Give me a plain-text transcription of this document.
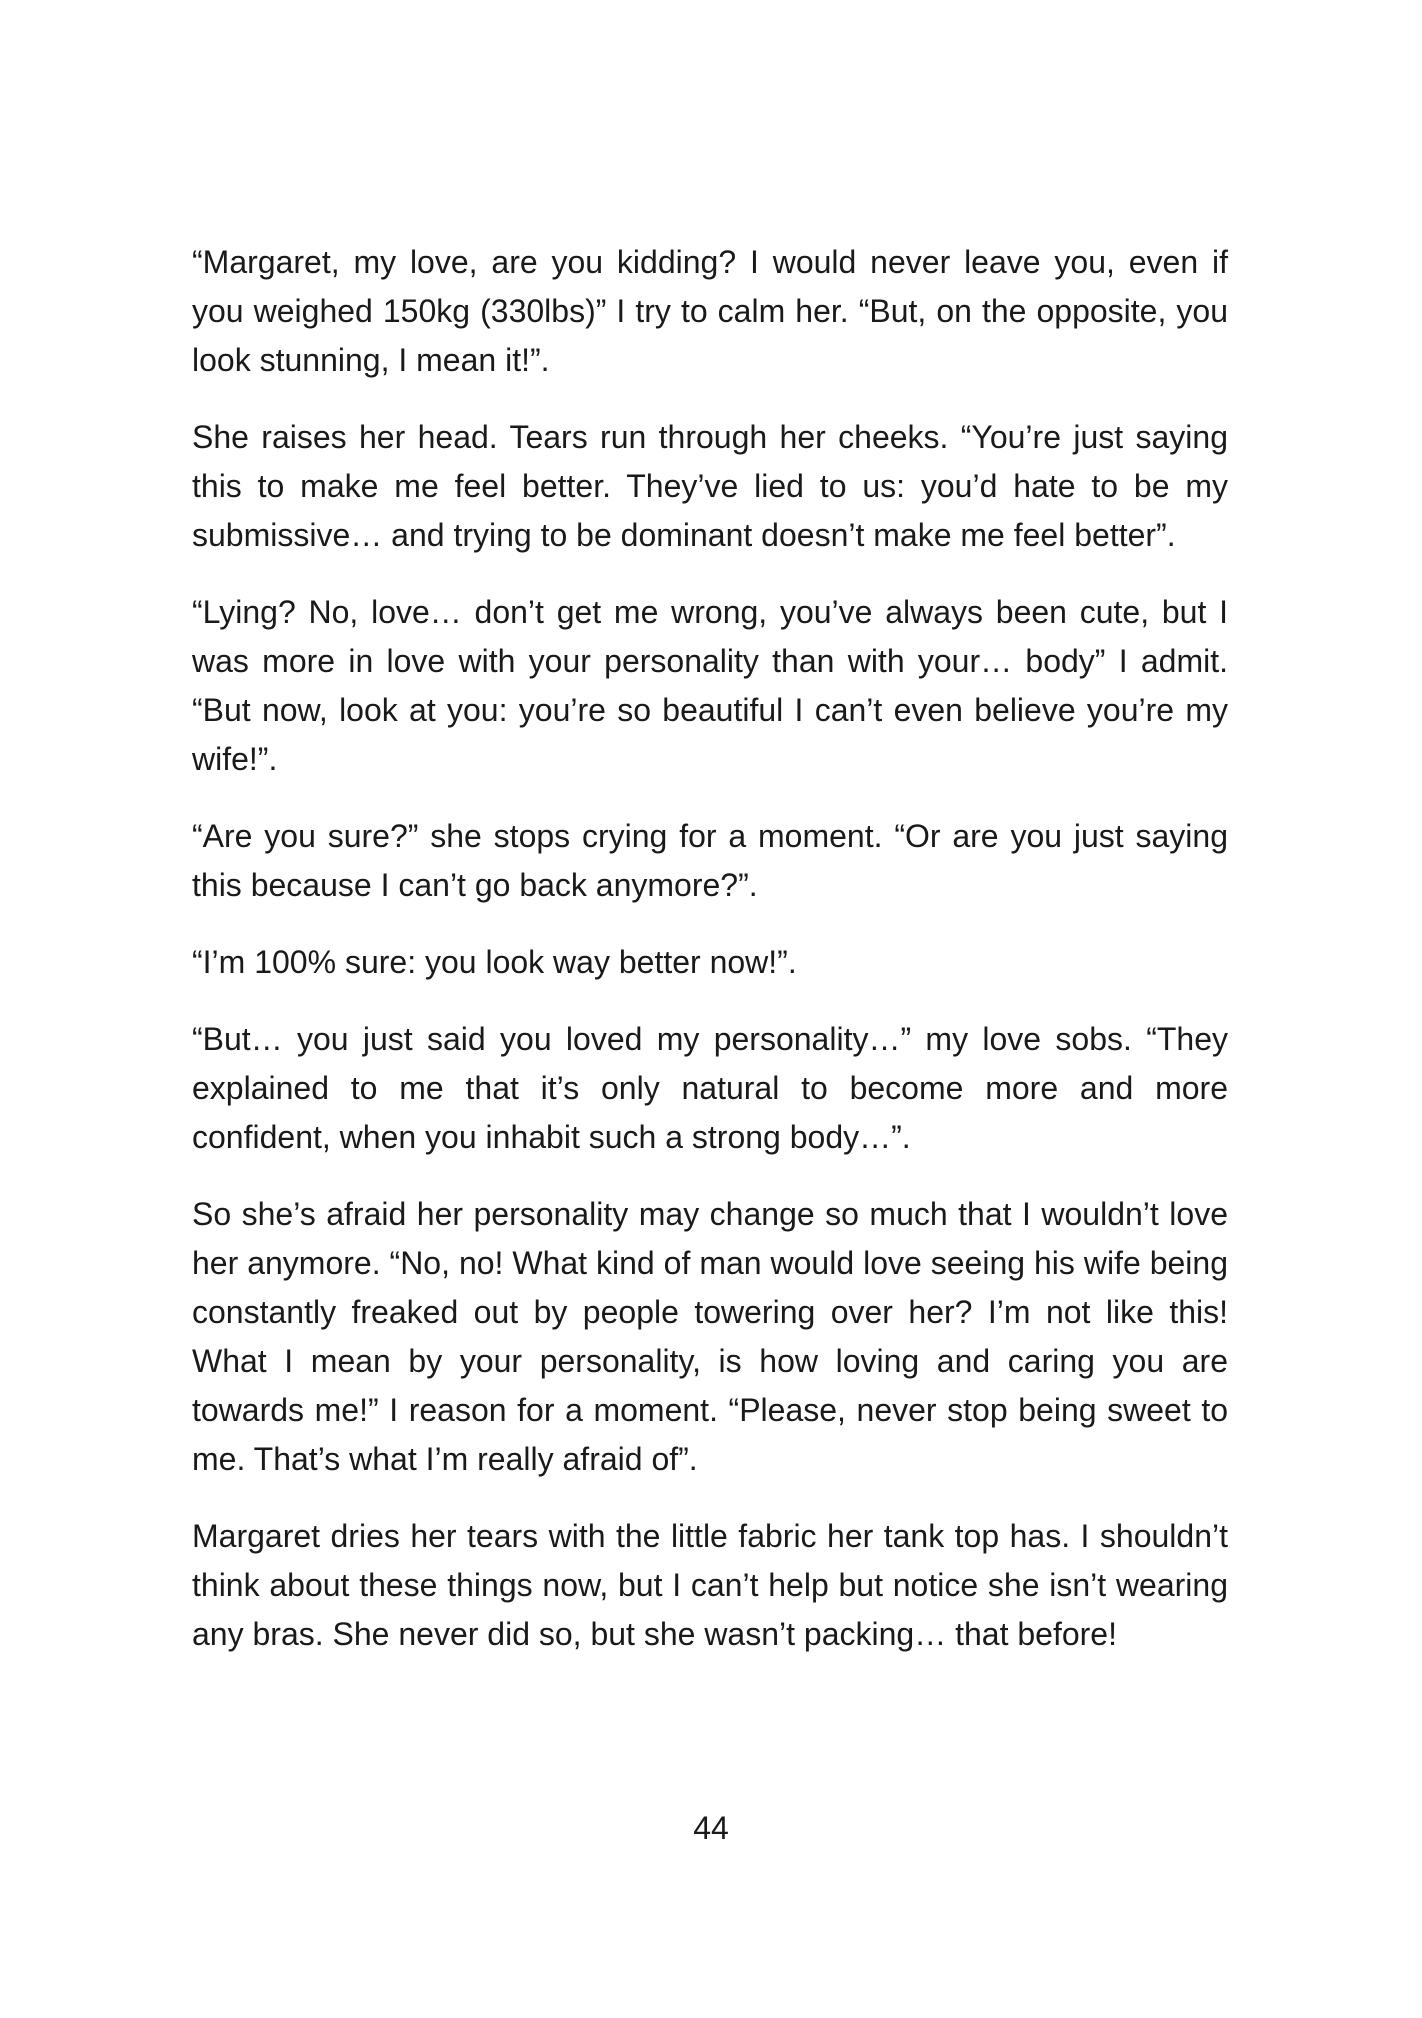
“Margaret, my love, are you kidding? I would never leave you, even if you weighed 150kg (330lbs)” I try to calm her. “But, on the opposite, you look stunning, I mean it!”.

She raises her head. Tears run through her cheeks. “You’re just saying this to make me feel better. They’ve lied to us: you’d hate to be my submissive… and trying to be dominant doesn’t make me feel better”.

“Lying? No, love… don’t get me wrong, you’ve always been cute, but I was more in love with your personality than with your… body” I admit. “But now, look at you: you’re so beautiful I can’t even believe you’re my wife!”.

“Are you sure?” she stops crying for a moment. “Or are you just saying this because I can’t go back anymore?”.

“I’m 100% sure: you look way better now!”.

“But… you just said you loved my personality…” my love sobs. “They explained to me that it’s only natural to become more and more confident, when you inhabit such a strong body…”.

So she’s afraid her personality may change so much that I wouldn’t love her anymore. “No, no! What kind of man would love seeing his wife being constantly freaked out by people towering over her? I’m not like this! What I mean by your personality, is how loving and caring you are towards me!” I reason for a moment. “Please, never stop being sweet to me. That’s what I’m really afraid of”.

Margaret dries her tears with the little fabric her tank top has. I shouldn’t think about these things now, but I can’t help but notice she isn’t wearing any bras. She never did so, but she wasn’t packing… that before!

44
